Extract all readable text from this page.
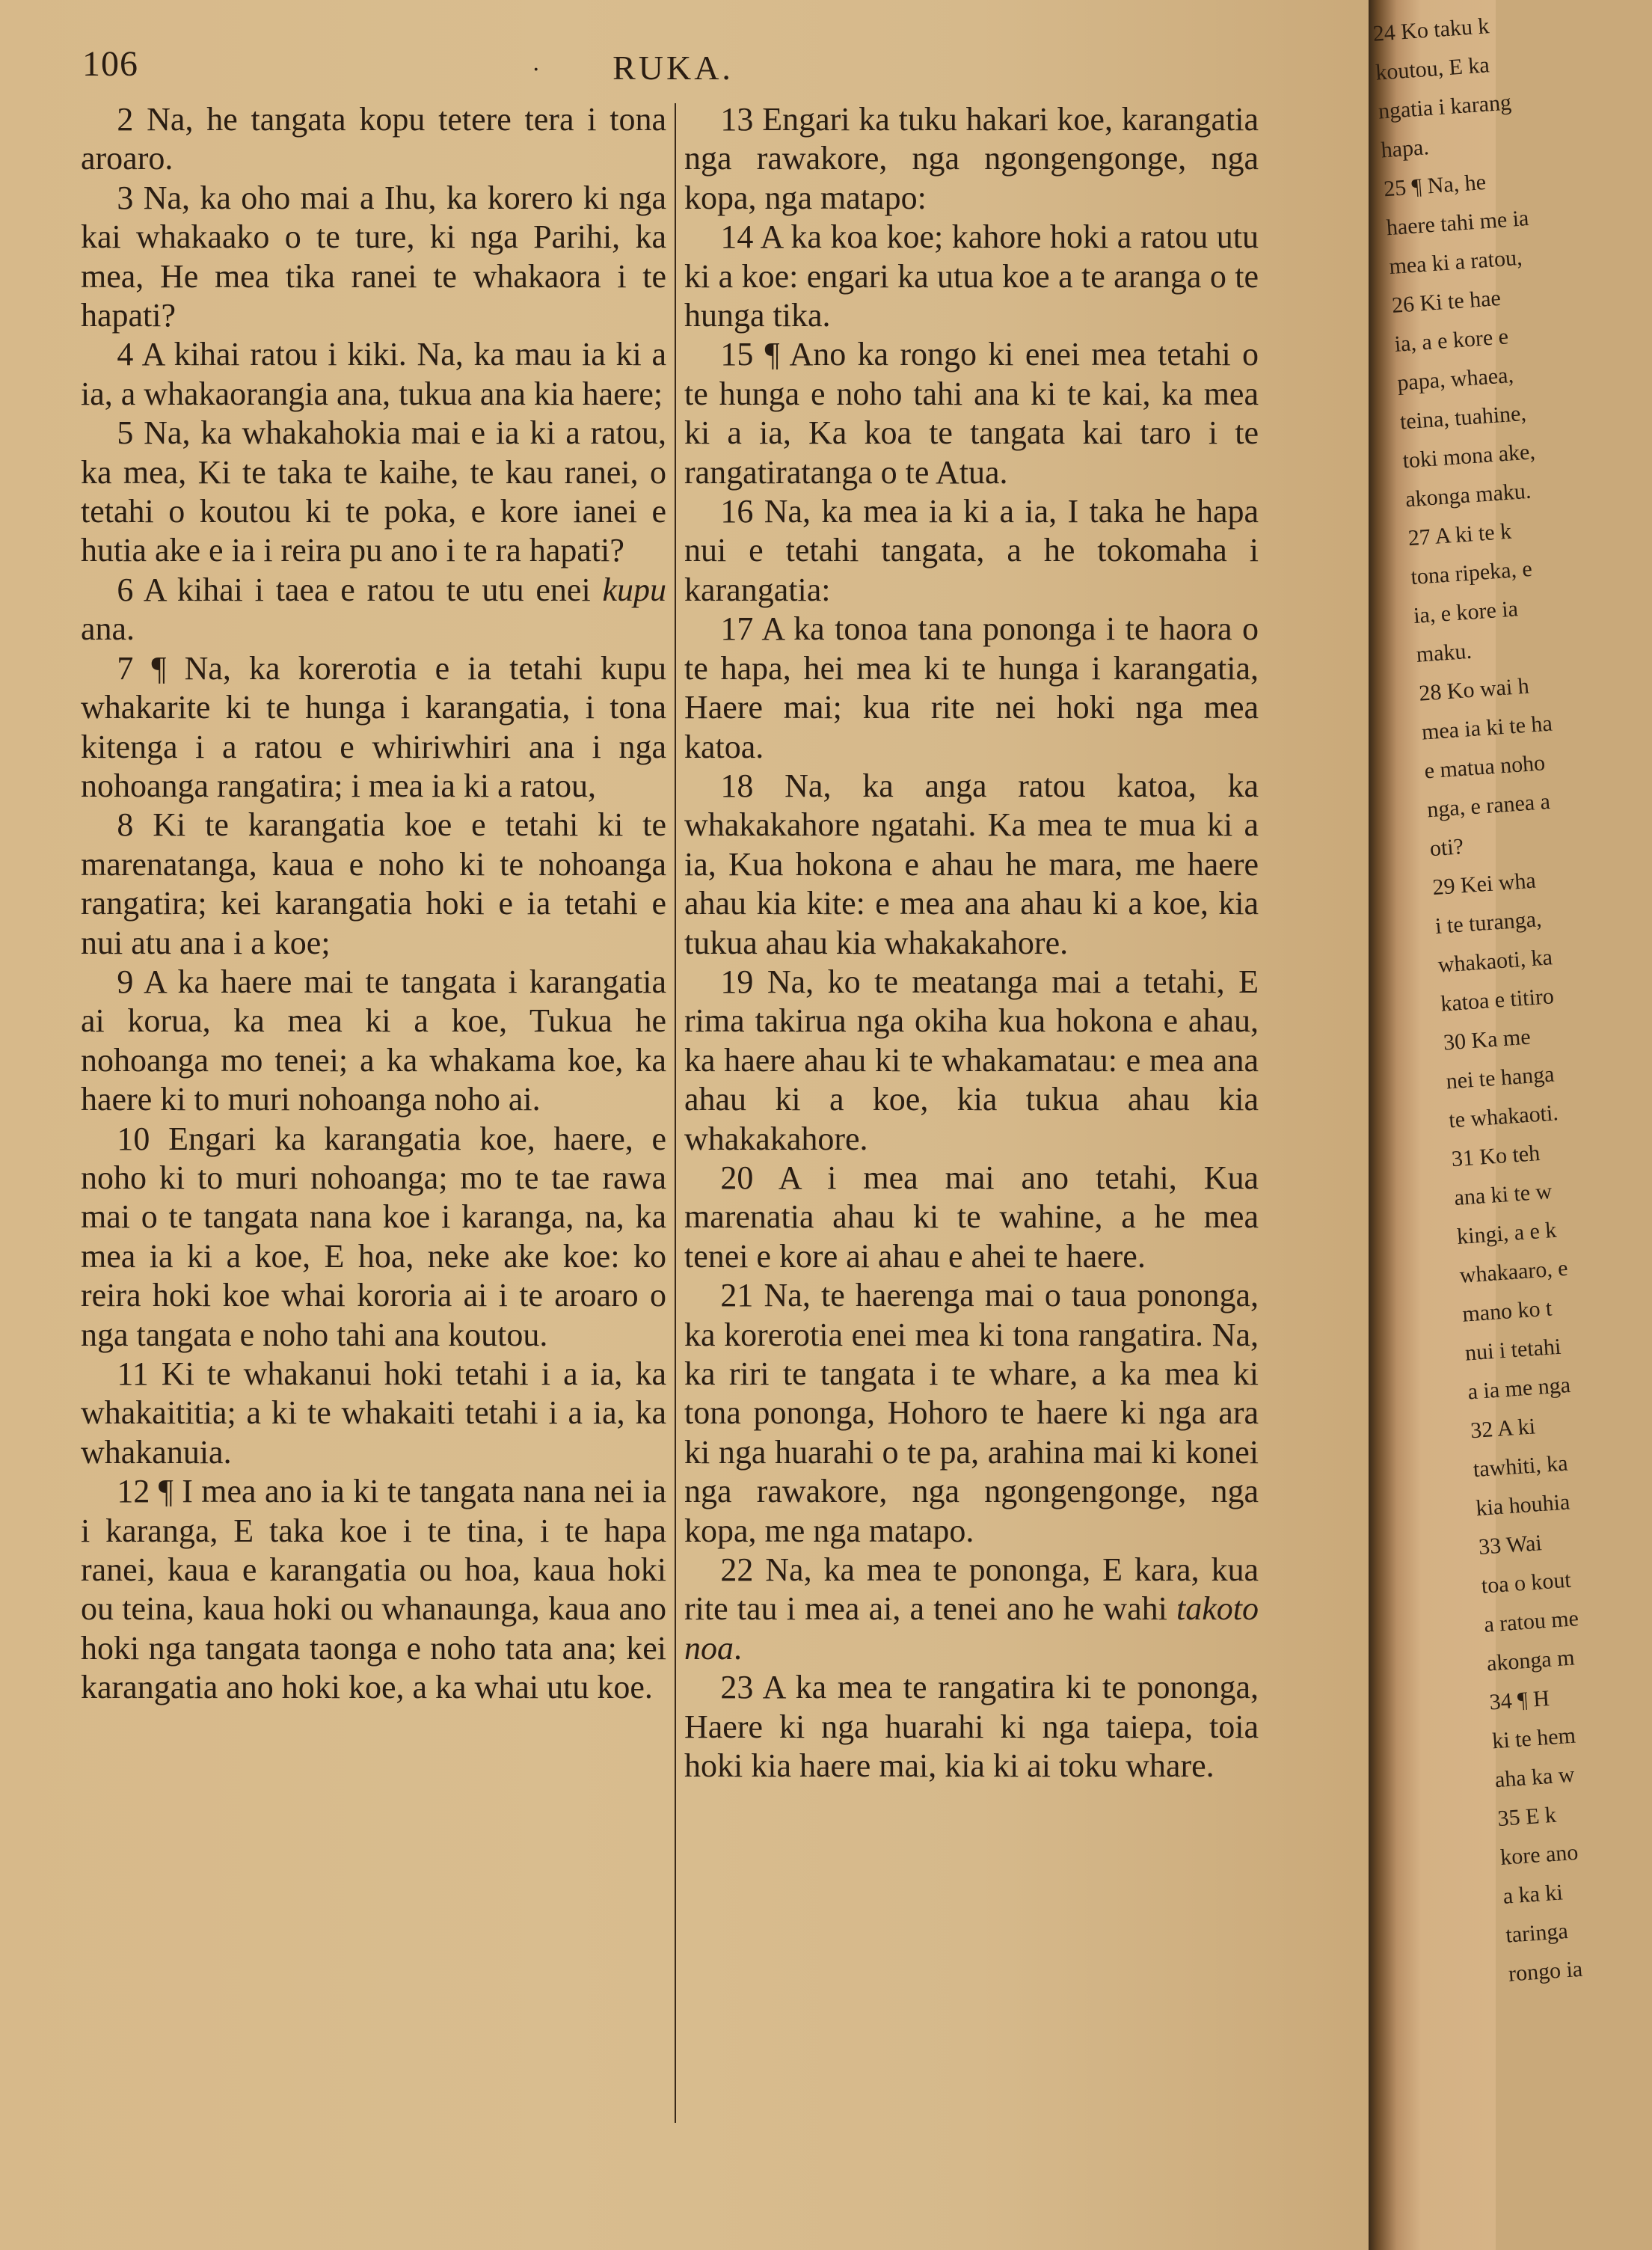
106	RUKA.
·

2 Na, he tangata kopu tetere tera i tona aroaro.

3 Na, ka oho mai a Ihu, ka korero ki nga kai whakaako o te ture, ki nga Parihi, ka mea, He mea tika ranei te whakaora i te hapati?

4 A kihai ratou i kiki. Na, ka mau ia ki a ia, a whakaorangia ana, tukua ana kia haere;

5 Na, ka whakahokia mai e ia ki a ratou, ka mea, Ki te taka te kaihe, te kau ranei, o tetahi o koutou ki te poka, e kore ianei e hutia ake e ia i reira pu ano i te ra hapati?

6 A kihai i taea e ratou te utu enei kupu ana.

7 ¶ Na, ka korerotia e ia tetahi kupu whakarite ki te hunga i karangatia, i tona kitenga i a ratou e whiriwhiri ana i nga nohoanga rangatira; i mea ia ki a ratou,

8 Ki te karangatia koe e tetahi ki te marenatanga, kaua e noho ki te nohoanga rangatira; kei karangatia hoki e ia tetahi e nui atu ana i a koe;

9 A ka haere mai te tangata i karangatia ai korua, ka mea ki a koe, Tukua he nohoanga mo tenei; a ka whakama koe, ka haere ki to muri nohoanga noho ai.

10 Engari ka karangatia koe, haere, e noho ki to muri nohoanga; mo te tae rawa mai o te tangata nana koe i karanga, na, ka mea ia ki a koe, E hoa, neke ake koe: ko reira hoki koe whai kororia ai i te aroaro o nga tangata e noho tahi ana koutou.

11 Ki te whakanui hoki tetahi i a ia, ka whakaititia; a ki te whakaiti tetahi i a ia, ka whakanuia.

12 ¶ I mea ano ia ki te tangata nana nei ia i karanga, E taka koe i te tina, i te hapa ranei, kaua e karangatia ou hoa, kaua hoki ou teina, kaua hoki ou whanaunga, kaua ano hoki nga tangata taonga e noho tata ana; kei karangatia ano hoki koe, a ka whai utu koe.

13 Engari ka tuku hakari koe, karangatia nga rawakore, nga ngongengonge, nga kopa, nga matapo:

14 A ka koa koe; kahore hoki a ratou utu ki a koe: engari ka utua koe a te aranga o te hunga tika.

15 ¶ Ano ka rongo ki enei mea tetahi o te hunga e noho tahi ana ki te kai, ka mea ki a ia, Ka koa te tangata kai taro i te rangatiratanga o te Atua.

16 Na, ka mea ia ki a ia, I taka he hapa nui e tetahi tangata, a he tokomaha i karangatia:

17 A ka tonoa tana pononga i te haora o te hapa, hei mea ki te hunga i karangatia, Haere mai; kua rite nei hoki nga mea katoa.

18 Na, ka anga ratou katoa, ka whakakahore ngatahi. Ka mea te mua ki a ia, Kua hokona e ahau he mara, me haere ahau kia kite: e mea ana ahau ki a koe, kia tukua ahau kia whakakahore.

19 Na, ko te meatanga mai a tetahi, E rima takirua nga okiha kua hokona e ahau, ka haere ahau ki te whakamatau: e mea ana ahau ki a koe, kia tukua ahau kia whakakahore.

20 A i mea mai ano tetahi, Kua marenatia ahau ki te wahine, a he mea tenei e kore ai ahau e ahei te haere.

21 Na, te haerenga mai o taua pononga, ka korerotia enei mea ki tona rangatira. Na, ka riri te tangata i te whare, a ka mea ki tona pononga, Hohoro te haere ki nga ara ki nga huarahi o te pa, arahina mai ki konei nga rawakore, nga ngongengonge, nga kopa, me nga matapo.

22 Na, ka mea te pononga, E kara, kua rite tau i mea ai, a tenei ano he wahi takoto noa.

23 A ka mea te rangatira ki te pononga, Haere ki nga huarahi ki nga taiepa, toia hoki kia haere mai, kia ki ai toku whare.

24 Ko taku k
koutou, E ka
ngatia i karang
hapa.
25 ¶ Na, he
haere tahi me ia
mea ki a ratou,
26 Ki te hae
ia, a e kore e
papa, whaea,
teina, tuahine,
toki mona ake,
akonga maku.
27 A ki te k
tona ripeka, e
ia, e kore ia
maku.
28 Ko wai h
mea ia ki te ha
e matua noho
nga, e ranea a
oti?
29 Kei wha
i te turanga,
whakaoti, ka
katoa e titiro
30 Ka me
nei te hanga
te whakaoti.
31 Ko teh
ana ki te w
kingi, a e k
whakaaro, e
mano ko t
nui i tetahi
a ia me nga
32 A ki
tawhiti, ka
kia houhia
33 Wai
toa o kout
a ratou me
akonga m
34 ¶ H
ki te hem
aha ka w
35 E k
kore ano
a ka ki
taringa
rongo ia
